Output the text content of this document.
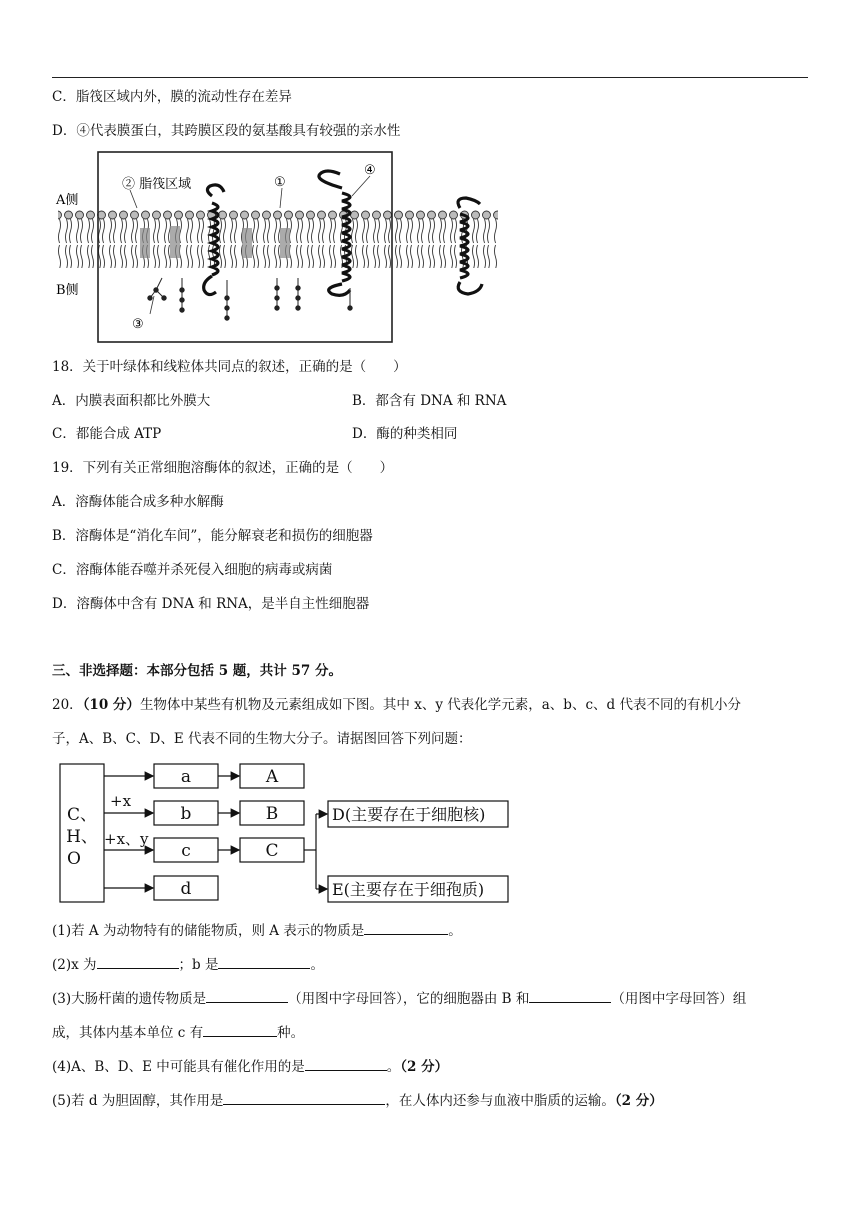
C．脂筏区域内外，膜的流动性存在差异
D．④代表膜蛋白，其跨膜区段的氨基酸具有较强的亲水性
A侧
B侧
② 脂筏区域	①
④
③
18．关于叶绿体和线粒体共同点的叙述，正确的是（　　）
A．内膜表面积都比外膜大	B．都含有 DNA 和 RNA
C．都能合成 ATP	D．酶的种类相同
19．下列有关正常细胞溶酶体的叙述，正确的是（　　）
A．溶酶体能合成多种水解酶
B．溶酶体是“消化车间”，能分解衰老和损伤的细胞器
C．溶酶体能吞噬并杀死侵入细胞的病毒或病菌
D．溶酶体中含有 DNA 和 RNA，是半自主性细胞器
三、非选择题：本部分包括 5 题，共计 57 分。
20．（10 分）生物体中某些有机物及元素组成如下图。其中 x、y 代表化学元素，a、b、c、d 代表不同的有机小分
子，A、B、C、D、E 代表不同的生物大分子。请据图回答下列问题：
C、
H、
O
a
b
c
d
A
B
C
+x
+x、y
D(主要存在于细胞核)
E(主要存在于细孢质)
(1)若 A 为动物特有的储能物质，则 A 表示的物质是	。
(2)x 为	；b 是	。
(3)大肠杆菌的遗传物质是	（用图中字母回答），它的细胞器由 B 和	（用图中字母回答）组
成，其体内基本单位 c 有	种。
(4)A、B、D、E 中可能具有催化作用的是	。（2 分）
(5)若 d 为胆固醇，其作用是	，在人体内还参与血液中脂质的运输。（2 分）
